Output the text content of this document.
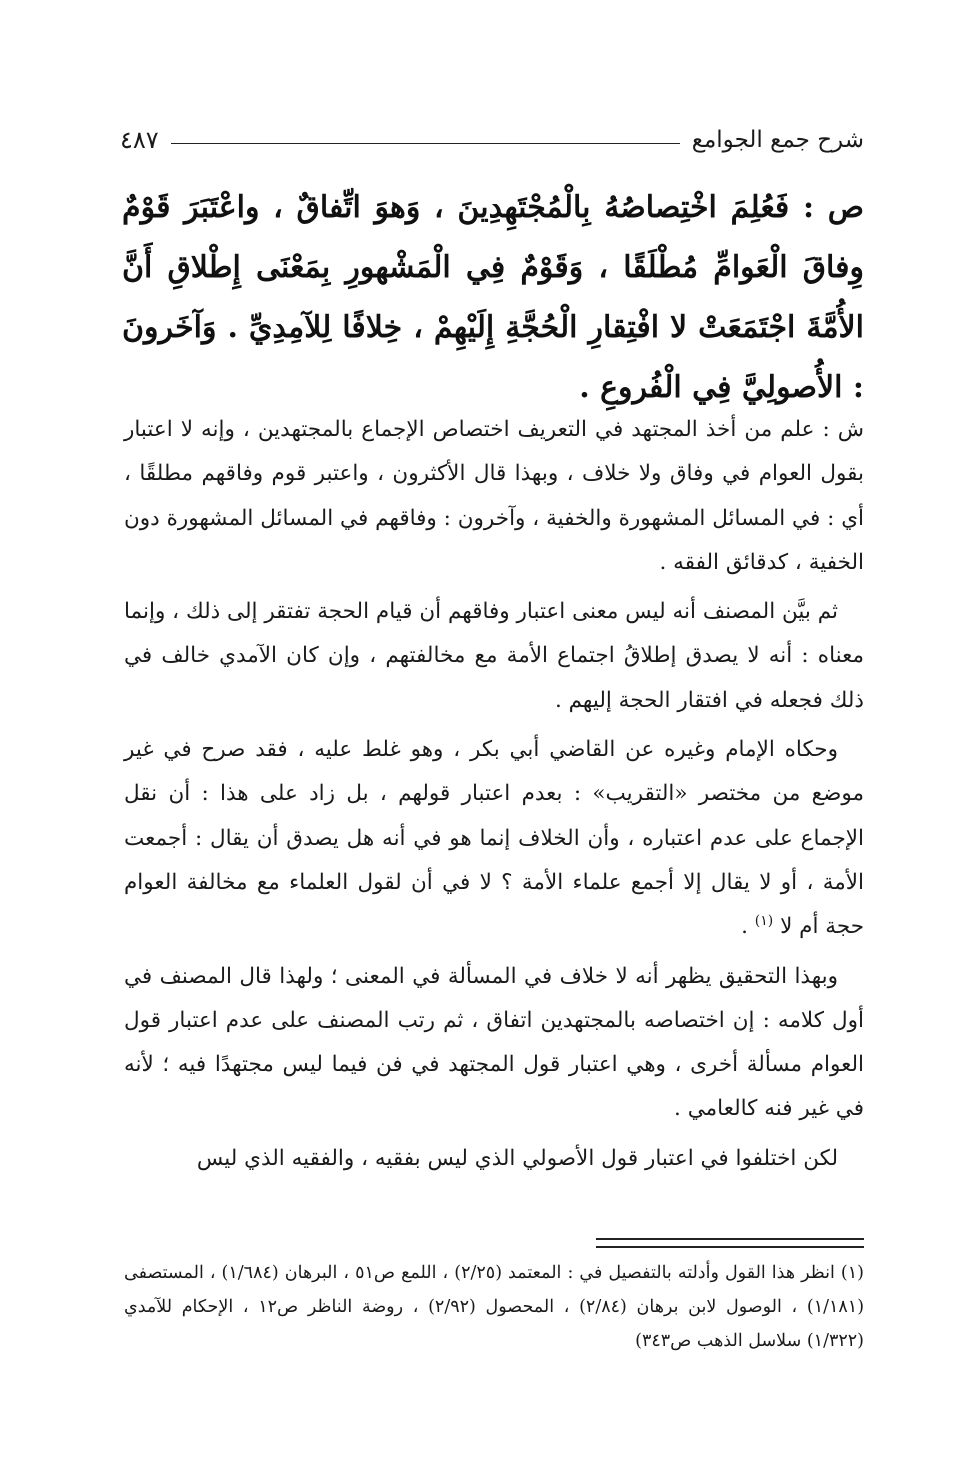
شرح جمع الجوامع
٤٨٧
ص : فَعُلِمَ اخْتِصاصُهُ بِالْمُجْتَهِدِينَ ، وَهوَ اتِّفاقٌ ، واعْتَبَرَ قَوْمٌ وِفاقَ الْعَوامِّ مُطْلَقًا ، وَقَوْمٌ فِي الْمَشْهورِ بِمَعْنَى إِطْلاقِ أَنَّ الأُمَّةَ اجْتَمَعَتْ لا افْتِقارِ الْحُجَّةِ إِلَيْهِمْ ، خِلافًا لِلآمِدِيِّ . وَآخَرونَ : الأُصولِيَّ فِي الْفُروعِ .

ش : علم من أخذ المجتهد في التعريف اختصاص الإجماع بالمجتهدين ، وإنه لا اعتبار بقول العوام في وفاق ولا خلاف ، وبهذا قال الأكثرون ، واعتبر قوم وفاقهم مطلقًا ، أي : في المسائل المشهورة والخفية ، وآخرون : وفاقهم في المسائل المشهورة دون الخفية ، كدقائق الفقه .

ثم بيَّن المصنف أنه ليس معنى اعتبار وفاقهم أن قيام الحجة تفتقر إلى ذلك ، وإنما معناه : أنه لا يصدق إطلاقُ اجتماع الأمة مع مخالفتهم ، وإن كان الآمدي خالف في ذلك فجعله في افتقار الحجة إليهم .

وحكاه الإمام وغيره عن القاضي أبي بكر ، وهو غلط عليه ، فقد صرح في غير موضع من مختصر «التقريب» : بعدم اعتبار قولهم ، بل زاد على هذا : أن نقل الإجماع على عدم اعتباره ، وأن الخلاف إنما هو في أنه هل يصدق أن يقال : أجمعت الأمة ، أو لا يقال إلا أجمع علماء الأمة ؟ لا في أن لقول العلماء مع مخالفة العوام حجة أم لا $^{(١)}$ .

وبهذا التحقيق يظهر أنه لا خلاف في المسألة في المعنى ؛ ولهذا قال المصنف في أول كلامه : إن اختصاصه بالمجتهدين اتفاق ، ثم رتب المصنف على عدم اعتبار قول العوام مسألة أخرى ، وهي اعتبار قول المجتهد في فن فيما ليس مجتهدًا فيه ؛ لأنه في غير فنه كالعامي .

لكن اختلفوا في اعتبار قول الأصولي الذي ليس بفقيه ، والفقيه الذي ليس

(١) انظر هذا القول وأدلته بالتفصيل في : المعتمد (٢/٢٥) ، اللمع ص٥١ ، البرهان (١/٦٨٤) ، المستصفى (١/١٨١) ، الوصول لابن برهان (٢/٨٤) ، المحصول (٢/٩٢) ، روضة الناظر ص١٢ ، الإحكام للآمدي (١/٣٢٢) سلاسل الذهب ص٣٤٣)
